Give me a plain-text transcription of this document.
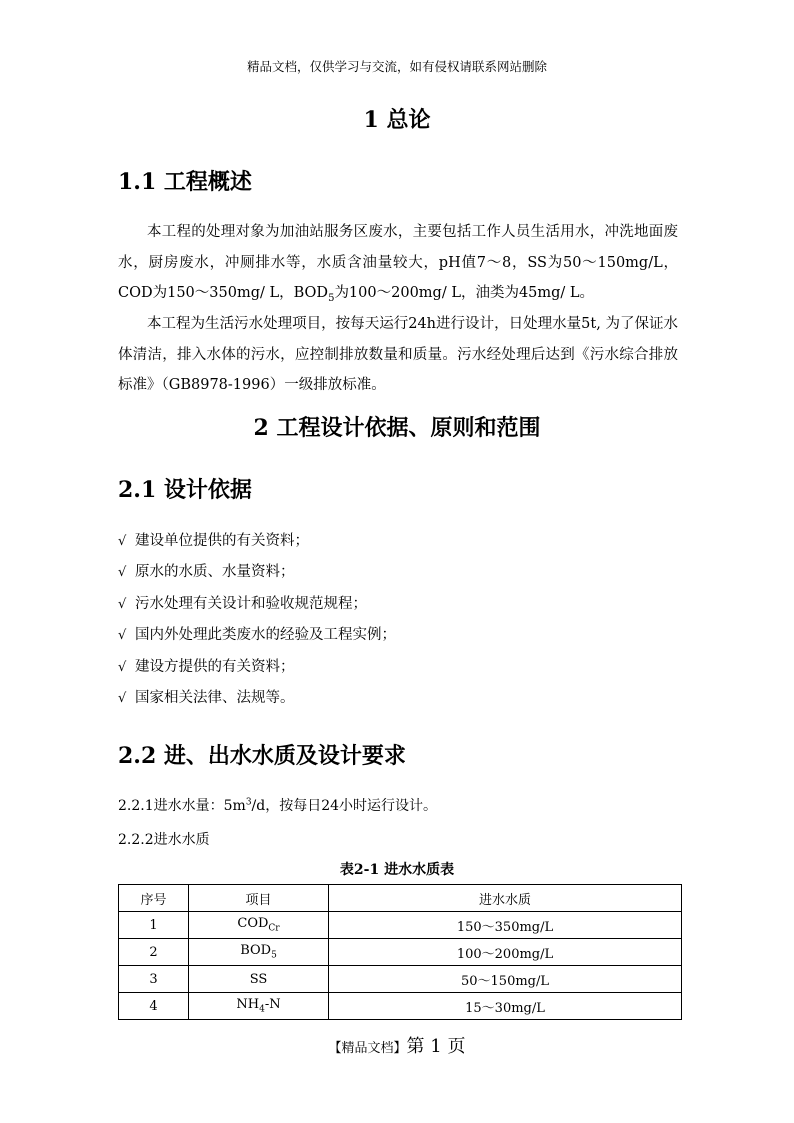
精品文档，仅供学习与交流，如有侵权请联系网站删除
1 总论
1.1 工程概述

本工程的处理对象为加油站服务区废水，主要包括工作人员生活用水，冲洗地面废水，厨房废水，冲厕排水等，水质含油量较大，pH值7～8，SS为50～150mg/L，COD为150～350mg/ L，$BOD_5$为100～200mg/ L，油类为45mg/ L。

本工程为生活污水处理项目，按每天运行24h进行设计，日处理水量5t, 为了保证水体清洁，排入水体的污水，应控制排放数量和质量。污水经处理后达到《污水综合排放标准》（GB8978-1996）一级排放标准。

2 工程设计依据、原则和范围
2.1 设计依据
√ 建设单位提供的有关资料；
√ 原水的水质、水量资料；
√ 污水处理有关设计和验收规范规程；
√ 国内外处理此类废水的经验及工程实例；
√ 建设方提供的有关资料；
√ 国家相关法律、法规等。
2.2 进、出水水质及设计要求
2.2.1进水水量：$5m^3/d$，按每日24小时运行设计。
2.2.2进水水质
表2-1 进水水质表
序号	项目	进水水质
1	$COD_{Cr}$	150～350mg/L
2	$BOD_5$	100～200mg/L
3	SS	50～150mg/L
4	$NH_4-N$	15～30mg/L
【精品文档】第 1 页
